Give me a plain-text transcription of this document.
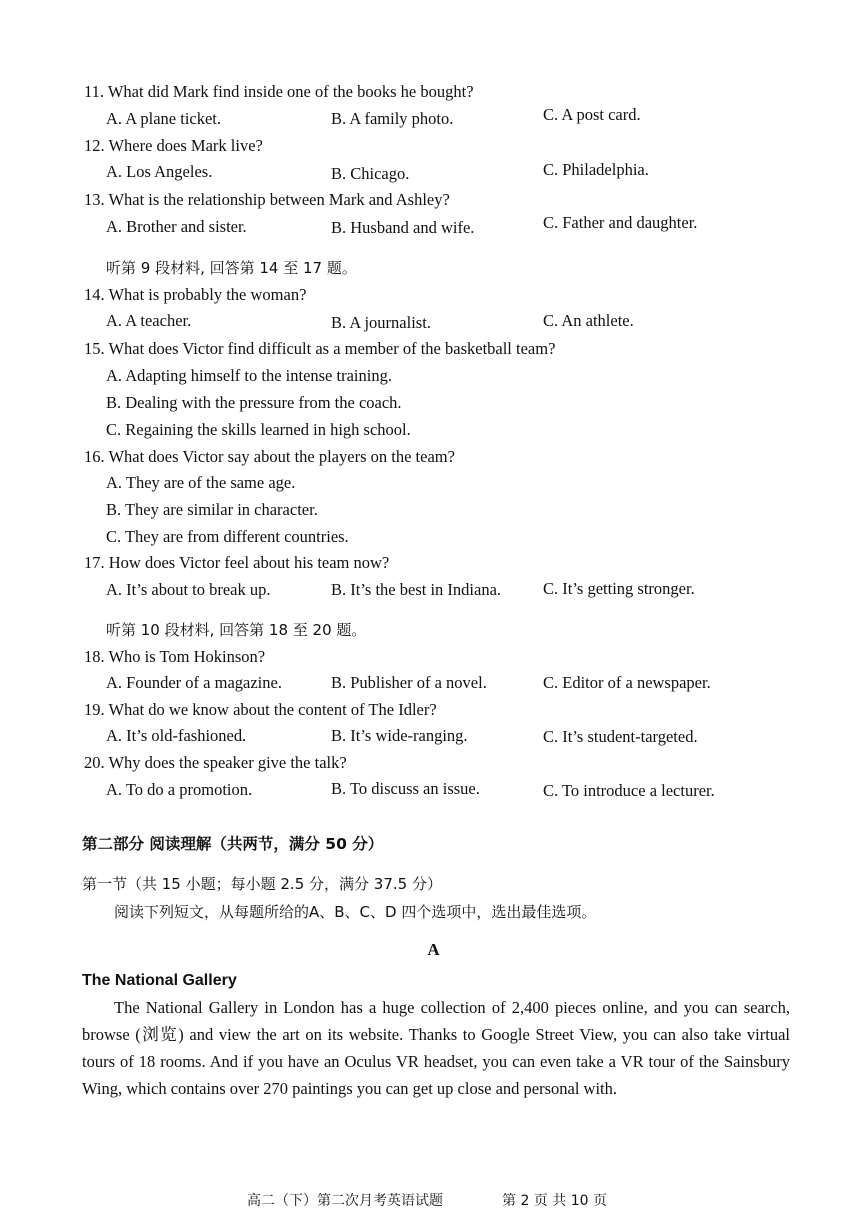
11. What did Mark find inside one of the books he bought?
A. A plane ticket.	B. A family photo.	C. A post card.
12. Where does Mark live?
A. Los Angeles.	B. Chicago.	C. Philadelphia.
13. What is the relationship between Mark and Ashley?
A. Brother and sister.	B. Husband and wife.	C. Father and daughter.
听第 9 段材料, 回答第 14 至 17 题。
14. What is probably the woman?
A. A teacher.	B. A journalist.	C. An athlete.
15. What does Victor find difficult as a member of the basketball team?
A. Adapting himself to the intense training.
B. Dealing with the pressure from the coach.
C. Regaining the skills learned in high school.
16. What does Victor say about the players on the team?
A. They are of the same age.
B. They are similar in character.
C. They are from different countries.
17. How does Victor feel about his team now?
A. It’s about to break up.	B. It’s the best in Indiana.	C. It’s getting stronger.
听第 10 段材料, 回答第 18 至 20 题。
18. Who is Tom Hokinson?
A. Founder of a magazine.	B. Publisher of a novel.	C. Editor of a newspaper.
19. What do we know about the content of The Idler?
A. It’s old-fashioned.	B. It’s wide-ranging.	C. It’s student-targeted.
20. Why does the speaker give the talk?
A. To do a promotion.	B. To discuss an issue.	C. To introduce a lecturer.
第二部分 阅读理解（共两节，满分 50 分）
第一节（共 15 小题；每小题 2.5 分，满分 37.5 分）
阅读下列短文，从每题所给的A、B、C、D 四个选项中，选出最佳选项。
A
The National Gallery
The National Gallery in London has a huge collection of 2,400 pieces online, and you can search, browse (浏览) and view the art on its website. Thanks to Google Street View, you can also take virtual tours of 18 rooms. And if you have an Oculus VR headset, you can even take a VR tour of the Sainsbury Wing, which contains over 270 paintings you can get up close and personal with.
高二（下）第二次月考英语试题	第 2 页 共 10 页
